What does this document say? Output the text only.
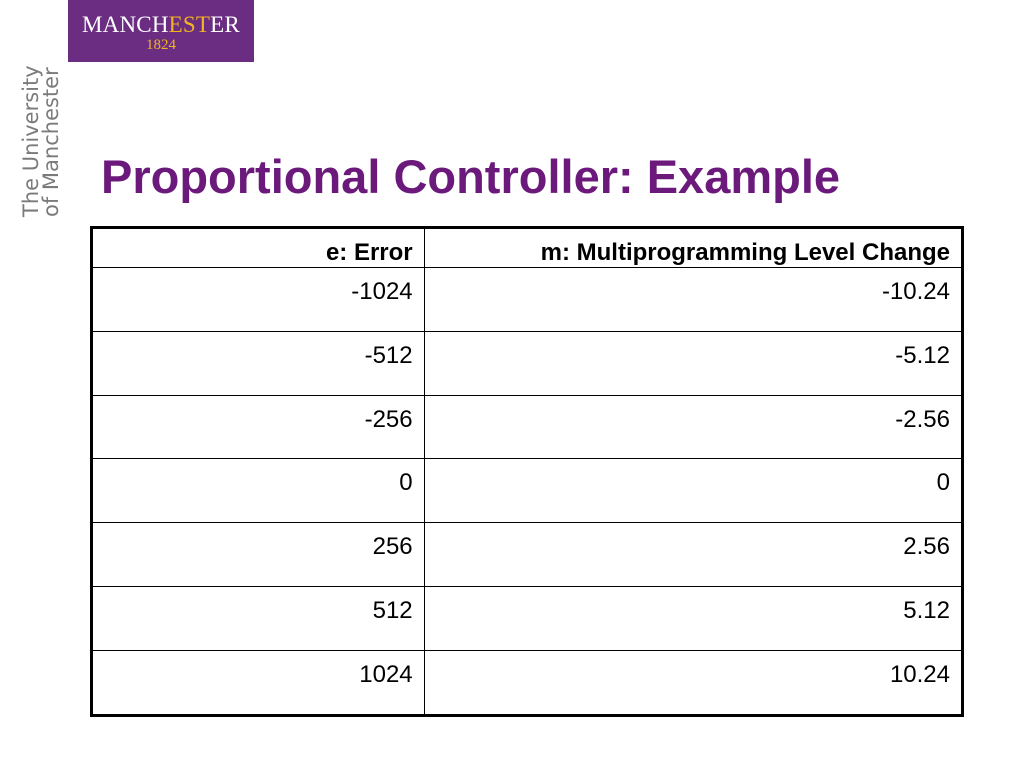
MANCHESTER
1824
The University
of Manchester Proportional Controller: Example
e: Error	m: Multiprogramming Level Change
-1024	-10.24
-512	-5.12
-256	-2.56
0	0
256	2.56
512	5.12
1024	10.24
